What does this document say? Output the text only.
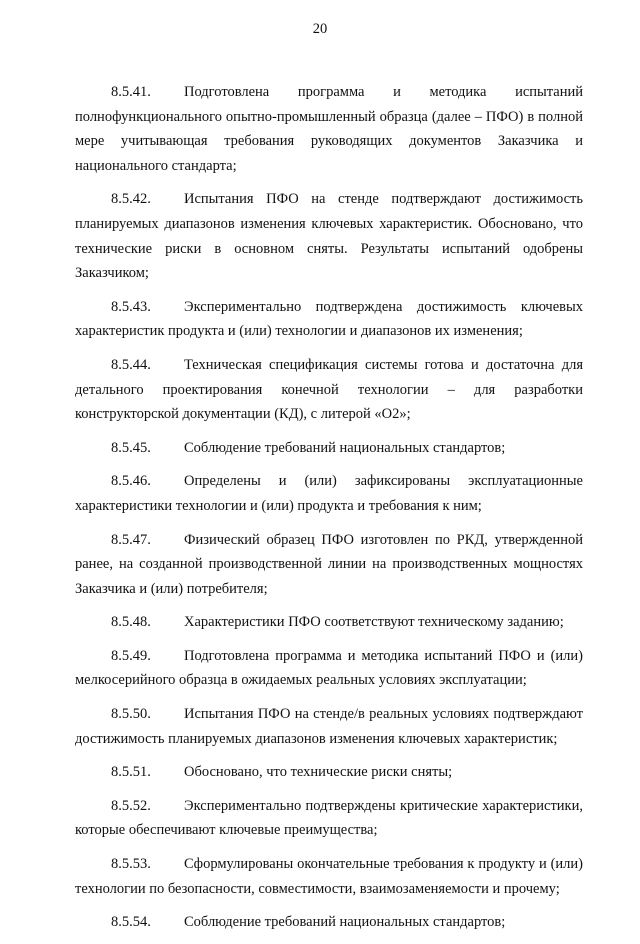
20

8.5.41. Подготовлена программа и методика испытаний полнофункционального опытно-промышленный образца (далее – ПФО) в полной мере учитывающая требования руководящих документов Заказчика и национального стандарта;

8.5.42. Испытания ПФО на стенде подтверждают достижимость планируемых диапазонов изменения ключевых характеристик. Обосновано, что технические риски в основном сняты. Результаты испытаний одобрены Заказчиком;

8.5.43. Экспериментально подтверждена достижимость ключевых характеристик продукта и (или) технологии и диапазонов их изменения;

8.5.44. Техническая спецификация системы готова и достаточна для детального проектирования конечной технологии – для разработки конструкторской документации (КД), с литерой «О2»;

8.5.45. Соблюдение требований национальных стандартов;

8.5.46. Определены и (или) зафиксированы эксплуатационные характеристики технологии и (или) продукта и требования к ним;

8.5.47. Физический образец ПФО изготовлен по РКД, утвержденной ранее, на созданной производственной линии на производственных мощностях Заказчика и (или) потребителя;

8.5.48. Характеристики ПФО соответствуют техническому заданию;

8.5.49. Подготовлена программа и методика испытаний ПФО и (или) мелкосерийного образца в ожидаемых реальных условиях эксплуатации;

8.5.50. Испытания ПФО на стенде/в реальных условиях подтверждают достижимость планируемых диапазонов изменения ключевых характеристик;

8.5.51. Обосновано, что технические риски сняты;

8.5.52. Экспериментально подтверждены критические характеристики, которые обеспечивают ключевые преимущества;

8.5.53. Сформулированы окончательные требования к продукту и (или) технологии по безопасности, совместимости, взаимозаменяемости и прочему;

8.5.54. Соблюдение требований национальных стандартов;
